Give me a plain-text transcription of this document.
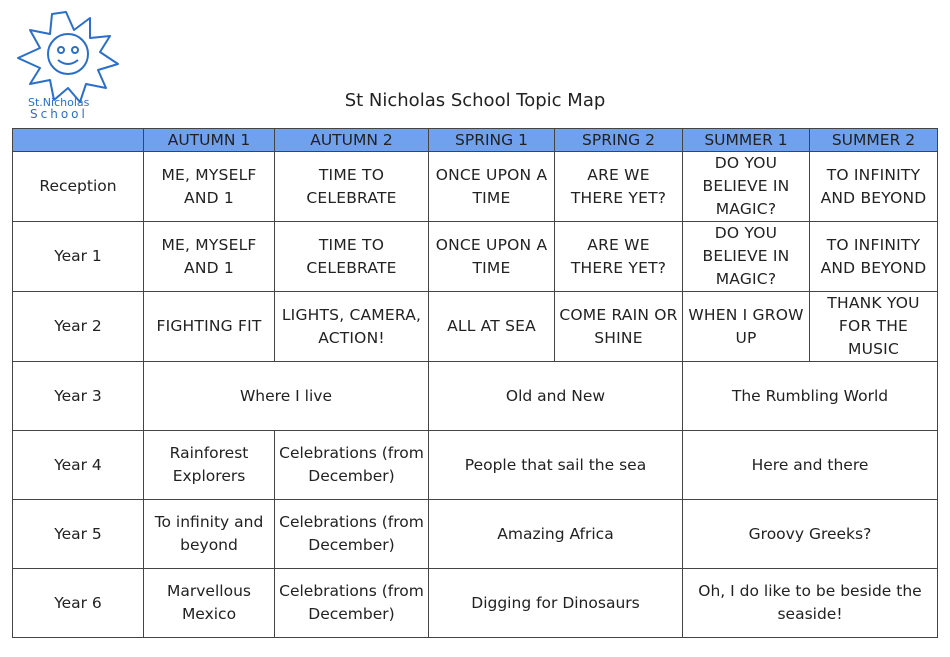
St.Nicholas
School
St Nicholas School Topic Map
	AUTUMN 1	AUTUMN 2	SPRING 1	SPRING 2	SUMMER 1	SUMMER 2
Reception	ME, MYSELF AND 1	TIME TO CELEBRATE	ONCE UPON A TIME	ARE WE THERE YET?	DO YOU BELIEVE IN MAGIC?	TO INFINITY AND BEYOND
Year 1	ME, MYSELF AND 1	TIME TO CELEBRATE	ONCE UPON A TIME	ARE WE THERE YET?	DO YOU BELIEVE IN MAGIC?	TO INFINITY AND BEYOND
Year 2	FIGHTING FIT	LIGHTS, CAMERA, ACTION!	ALL AT SEA	COME RAIN OR SHINE	WHEN I GROW UP	THANK YOU FOR THE MUSIC
Year 3	Where I live		Old and New		The Rumbling World	
Year 4	Rainforest Explorers	Celebrations (from December)	People that sail the sea		Here and there	
Year 5	To infinity and beyond	Celebrations (from December)	Amazing Africa		Groovy Greeks?	
Year 6	Marvellous Mexico	Celebrations (from December)	Digging for Dinosaurs		Oh, I do like to be beside the seaside!	
